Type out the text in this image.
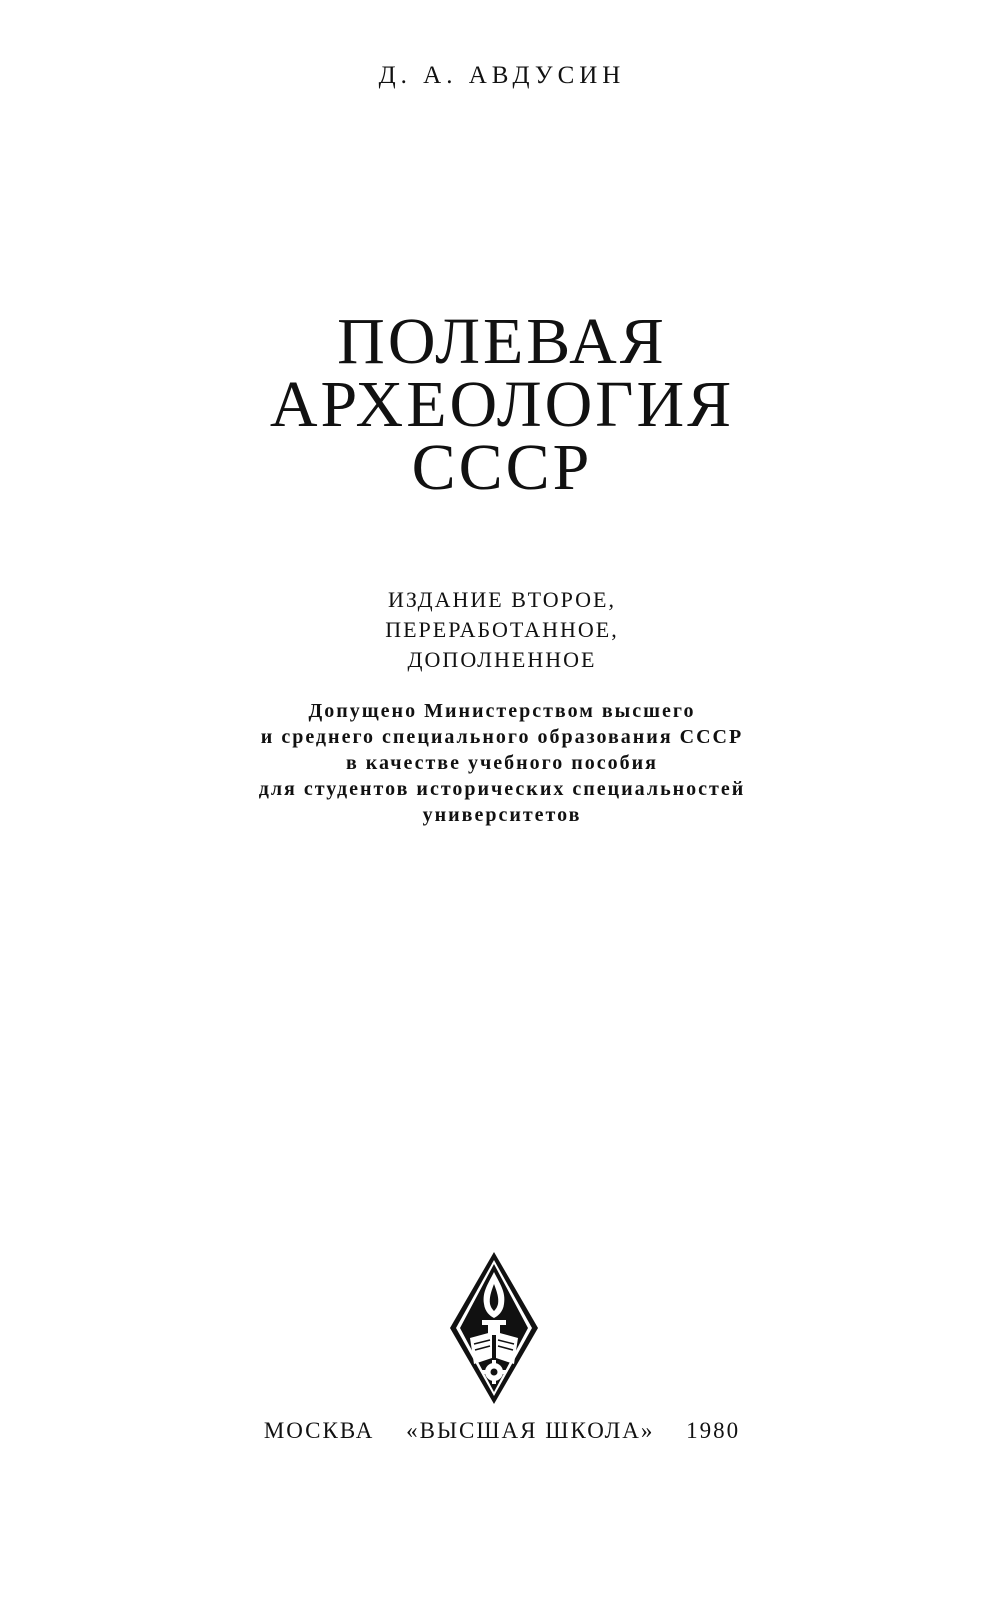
Д. А. АВДУСИН
ПОЛЕВАЯ
АРХЕОЛОГИЯ
СССР
ИЗДАНИЕ ВТОРОЕ,
ПЕРЕРАБОТАННОЕ,
ДОПОЛНЕННОЕ
Допущено Министерством высшего
и среднего специального образования СССР
в качестве учебного пособия
для студентов исторических специальностей
университетов
МОСКВА «ВЫСШАЯ ШКОЛА» 1980
